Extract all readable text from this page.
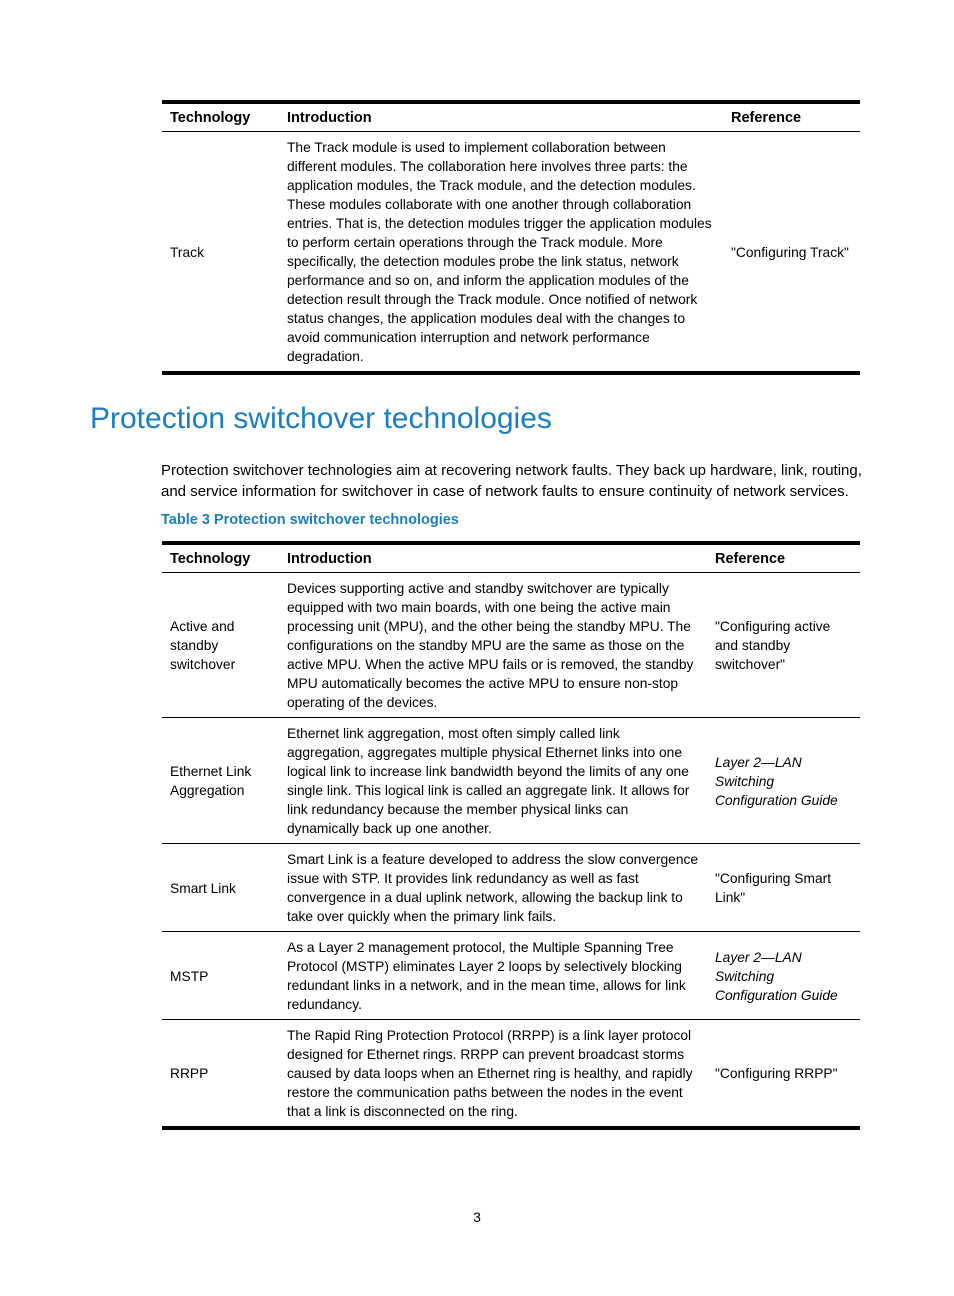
Technology	Introduction	Reference
Track	The Track module is used to implement collaboration between different modules. The collaboration here involves three parts: the application modules, the Track module, and the detection modules. These modules collaborate with one another through collaboration entries. That is, the detection modules trigger the application modules to perform certain operations through the Track module. More specifically, the detection modules probe the link status, network performance and so on, and inform the application modules of the detection result through the Track module. Once notified of network status changes, the application modules deal with the changes to avoid communication interruption and network performance degradation.	"Configuring Track"
Protection switchover technologies

Protection switchover technologies aim at recovering network faults. They back up hardware, link, routing, and service information for switchover in case of network faults to ensure continuity of network services.

Table 3 Protection switchover technologies

Technology	Introduction	Reference
Active and standby switchover	Devices supporting active and standby switchover are typically equipped with two main boards, with one being the active main processing unit (MPU), and the other being the standby MPU. The configurations on the standby MPU are the same as those on the active MPU. When the active MPU fails or is removed, the standby MPU automatically becomes the active MPU to ensure non-stop operating of the devices.	"Configuring active and standby switchover"
Ethernet Link Aggregation	Ethernet link aggregation, most often simply called link aggregation, aggregates multiple physical Ethernet links into one logical link to increase link bandwidth beyond the limits of any one single link. This logical link is called an aggregate link. It allows for link redundancy because the member physical links can dynamically back up one another.	Layer 2—LAN Switching Configuration Guide
Smart Link	Smart Link is a feature developed to address the slow convergence issue with STP. It provides link redundancy as well as fast convergence in a dual uplink network, allowing the backup link to take over quickly when the primary link fails.	"Configuring Smart Link"
MSTP	As a Layer 2 management protocol, the Multiple Spanning Tree Protocol (MSTP) eliminates Layer 2 loops by selectively blocking redundant links in a network, and in the mean time, allows for link redundancy.	Layer 2—LAN Switching Configuration Guide
RRPP	The Rapid Ring Protection Protocol (RRPP) is a link layer protocol designed for Ethernet rings. RRPP can prevent broadcast storms caused by data loops when an Ethernet ring is healthy, and rapidly restore the communication paths between the nodes in the event that a link is disconnected on the ring.	"Configuring RRPP"
3
